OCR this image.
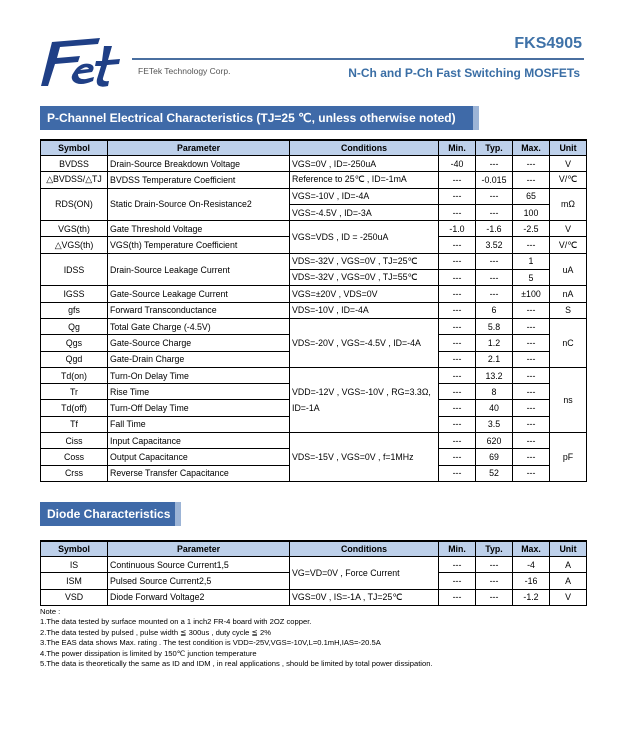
FeT	FKS4905
FETek Technology Corp.	N-Ch and P-Ch Fast Switching MOSFETs
P-Channel Electrical Characteristics (TJ=25 ℃, unless otherwise noted)
Symbol	Parameter	Conditions	Min.	Typ.	Max.	Unit
BVDSS	Drain-Source Breakdown Voltage	VGS=0V , ID=-250uA	-40	---	---	V
△BVDSS/△TJ	BVDSS Temperature Coefficient	Reference to 25℃ , ID=-1mA	---	-0.015	---	V/℃
RDS(ON)	Static Drain-Source On-Resistance2	VGS=-10V , ID=-4A	---	---	65	mΩ
		VGS=-4.5V , ID=-3A	---	---	100	
VGS(th)	Gate Threshold Voltage	VGS=VDS , ID = -250uA	-1.0	-1.6	-2.5	V
△VGS(th)	VGS(th) Temperature Coefficient		---	3.52	---	V/℃
IDSS	Drain-Source Leakage Current	VDS=-32V , VGS=0V , TJ=25℃	---	---	1	uA
		VDS=-32V , VGS=0V , TJ=55℃	---	---	5	
IGSS	Gate-Source Leakage Current	VGS=±20V , VDS=0V	---	---	±100	nA
gfs	Forward Transconductance	VDS=-10V , ID=-4A	---	6	---	S
Qg	Total Gate Charge (-4.5V)	VDS=-20V , VGS=-4.5V , ID=-4A	---	5.8	---	nC
Qgs	Gate-Source Charge		---	1.2	---	
Qgd	Gate-Drain Charge		---	2.1	---	
Td(on)	Turn-On Delay Time	VDD=-12V , VGS=-10V , RG=3.3Ω, ID=-1A	---	13.2	---	ns
Tr	Rise Time		---	8	---	
Td(off)	Turn-Off Delay Time		---	40	---	
Tf	Fall Time		---	3.5	---	
Ciss	Input Capacitance	VDS=-15V , VGS=0V , f=1MHz	---	620	---	pF
Coss	Output Capacitance		---	69	---	
Crss	Reverse Transfer Capacitance		---	52	---	
Diode Characteristics
Symbol	Parameter	Conditions	Min.	Typ.	Max.	Unit
IS	Continuous Source Current1,5	VG=VD=0V , Force Current	---	---	-4	A
ISM	Pulsed Source Current2,5		---	---	-16	A
VSD	Diode Forward Voltage2	VGS=0V , IS=-1A , TJ=25℃	---	---	-1.2	V
Note :
1.The data tested by surface mounted on a 1 inch2 FR-4 board with 2OZ copper.
2.The data tested by pulsed , pulse width ≦ 300us , duty cycle ≦ 2%
3.The EAS data shows Max. rating . The test condition is VDD=-25V,VGS=-10V,L=0.1mH,IAS=-20.5A
4.The power dissipation is limited by 150℃ junction temperature
5.The data is theoretically the same as ID and IDM , in real applications , should be limited by total power dissipation.
